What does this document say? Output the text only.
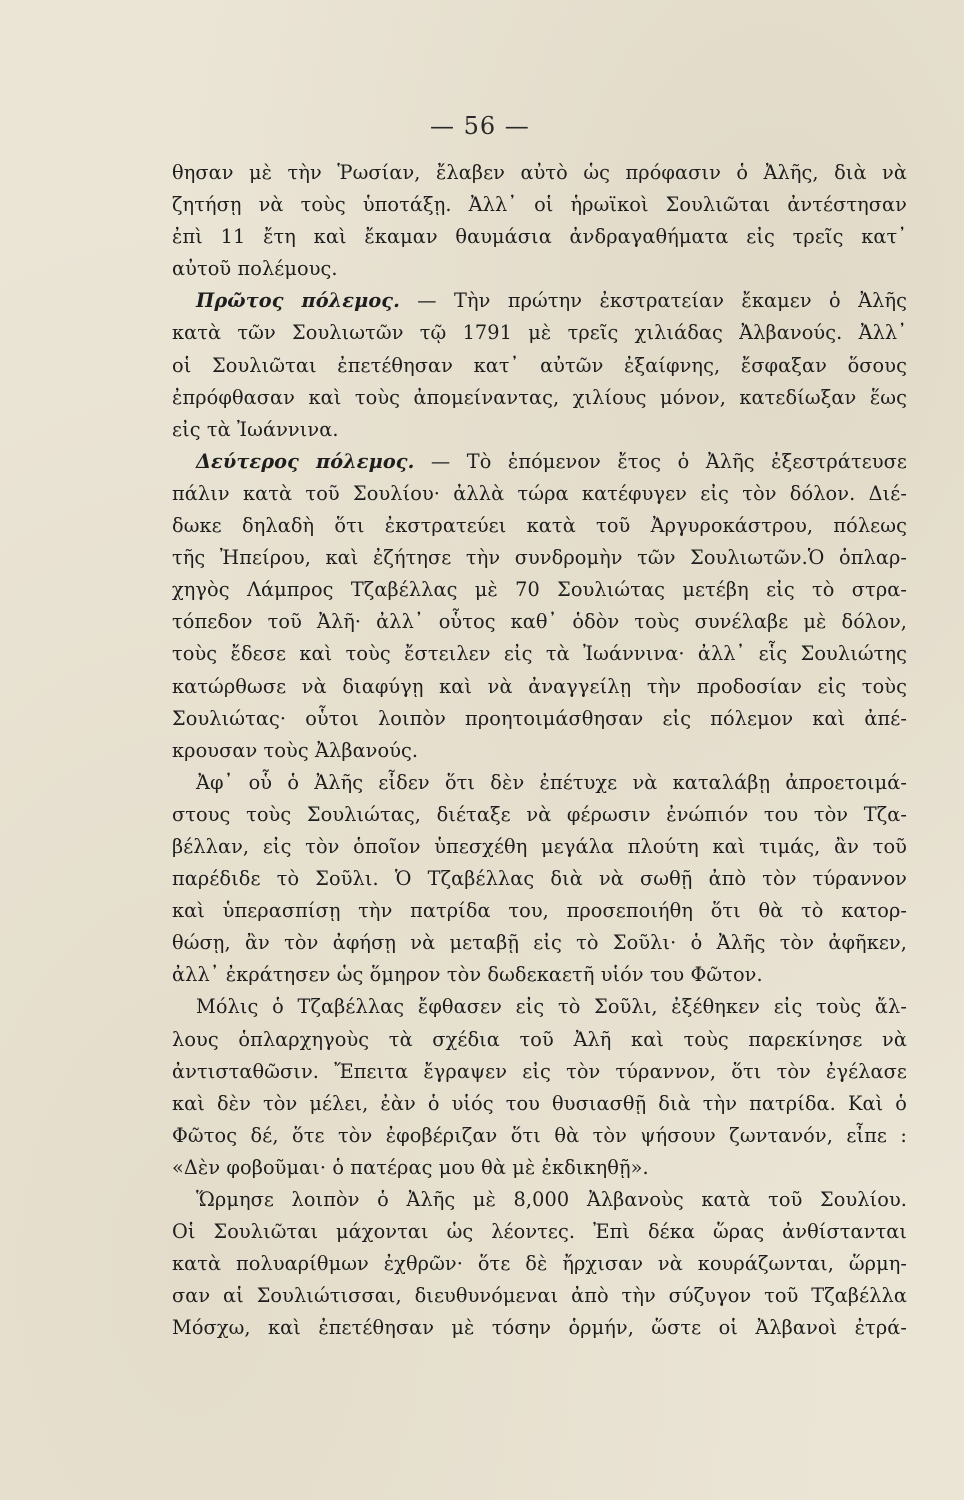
— 56 —
θησαν μὲ τὴν Ῥωσίαν, ἔλαβεν αὐτὸ ὡς πρόφασιν ὁ Ἀλῆς, διὰ νὰ
ζητήσῃ νὰ τοὺς ὑποτάξῃ. Ἀλλ᾽ οἱ ἡρωϊκοὶ Σουλιῶται ἀντέστησαν
ἐπὶ 11 ἔτη καὶ ἔκαμαν θαυμάσια ἀνδραγαθήματα εἰς τρεῖς κατ᾽
αὐτοῦ πολέμους.
Πρῶτος πόλεμος. — Τὴν πρώτην ἐκστρατείαν ἔκαμεν ὁ Ἀλῆς
κατὰ τῶν Σουλιωτῶν τῷ 1791 μὲ τρεῖς χιλιάδας Ἀλβανούς. Ἀλλ᾽
οἱ Σουλιῶται ἐπετέθησαν κατ᾽ αὐτῶν ἐξαίφνης, ἔσφαξαν ὅσους
ἐπρόφθασαν καὶ τοὺς ἀπομείναντας, χιλίους μόνον, κατεδίωξαν ἕως
εἰς τὰ Ἰωάννινα.
Δεύτερος πόλεμος. — Τὸ ἑπόμενον ἔτος ὁ Ἀλῆς ἐξεστράτευσε
πάλιν κατὰ τοῦ Σουλίου· ἀλλὰ τώρα κατέφυγεν εἰς τὸν δόλον. Διέ-
δωκε δηλαδὴ ὅτι ἐκστρατεύει κατὰ τοῦ Ἀργυροκάστρου, πόλεως
τῆς Ἠπείρου, καὶ ἐζήτησε τὴν συνδρομὴν τῶν Σουλιωτῶν.Ὁ ὁπλαρ-
χηγὸς Λάμπρος Τζαβέλλας μὲ 70 Σουλιώτας μετέβη εἰς τὸ στρα-
τόπεδον τοῦ Ἀλῆ· ἀλλ᾽ οὗτος καθ᾽ ὁδὸν τοὺς συνέλαβε μὲ δόλον,
τοὺς ἔδεσε καὶ τοὺς ἔστειλεν εἰς τὰ Ἰωάννινα· ἀλλ᾽ εἷς Σουλιώτης
κατώρθωσε νὰ διαφύγῃ καὶ νὰ ἀναγγείλῃ τὴν προδοσίαν εἰς τοὺς
Σουλιώτας· οὗτοι λοιπὸν προητοιμάσθησαν εἰς πόλεμον καὶ ἀπέ-
κρουσαν τοὺς Ἀλβανούς.
Ἀφ᾽ οὗ ὁ Ἀλῆς εἶδεν ὅτι δὲν ἐπέτυχε νὰ καταλάβῃ ἀπροετοιμά-
στους τοὺς Σουλιώτας, διέταξε νὰ φέρωσιν ἐνώπιόν του τὸν Τζα-
βέλλαν, εἰς τὸν ὁποῖον ὑπεσχέθη μεγάλα πλούτη καὶ τιμάς, ἂν τοῦ
παρέδιδε τὸ Σοῦλι. Ὁ Τζαβέλλας διὰ νὰ σωθῇ ἀπὸ τὸν τύραννον
καὶ ὑπερασπίσῃ τὴν πατρίδα του, προσεποιήθη ὅτι θὰ τὸ κατορ-
θώσῃ, ἂν τὸν ἀφήσῃ νὰ μεταβῇ εἰς τὸ Σοῦλι· ὁ Ἀλῆς τὸν ἀφῆκεν,
ἀλλ᾽ ἐκράτησεν ὡς ὅμηρον τὸν δωδεκαετῆ υἱόν του Φῶτον.
Μόλις ὁ Τζαβέλλας ἔφθασεν εἰς τὸ Σοῦλι, ἐξέθηκεν εἰς τοὺς ἄλ-
λους ὁπλαρχηγοὺς τὰ σχέδια τοῦ Ἀλῆ καὶ τοὺς παρεκίνησε νὰ
ἀντισταθῶσιν. Ἔπειτα ἔγραψεν εἰς τὸν τύραννον, ὅτι τὸν ἐγέλασε
καὶ δὲν τὸν μέλει, ἐὰν ὁ υἱός του θυσιασθῇ διὰ τὴν πατρίδα. Καὶ ὁ
Φῶτος δέ, ὅτε τὸν ἐφοβέριζαν ὅτι θὰ τὸν ψήσουν ζωντανόν, εἶπε :
«Δὲν φοβοῦμαι· ὁ πατέρας μου θὰ μὲ ἐκδικηθῇ».
Ὥρμησε λοιπὸν ὁ Ἀλῆς μὲ 8,000 Ἀλβανοὺς κατὰ τοῦ Σουλίου.
Οἱ Σουλιῶται μάχονται ὡς λέοντες. Ἐπὶ δέκα ὥρας ἀνθίστανται
κατὰ πολυαρίθμων ἐχθρῶν· ὅτε δὲ ἤρχισαν νὰ κουράζωνται, ὥρμη-
σαν αἱ Σουλιώτισσαι, διευθυνόμεναι ἀπὸ τὴν σύζυγον τοῦ Τζαβέλλα
Μόσχω, καὶ ἐπετέθησαν μὲ τόσην ὁρμήν, ὥστε οἱ Ἀλβανοὶ ἐτρά-
